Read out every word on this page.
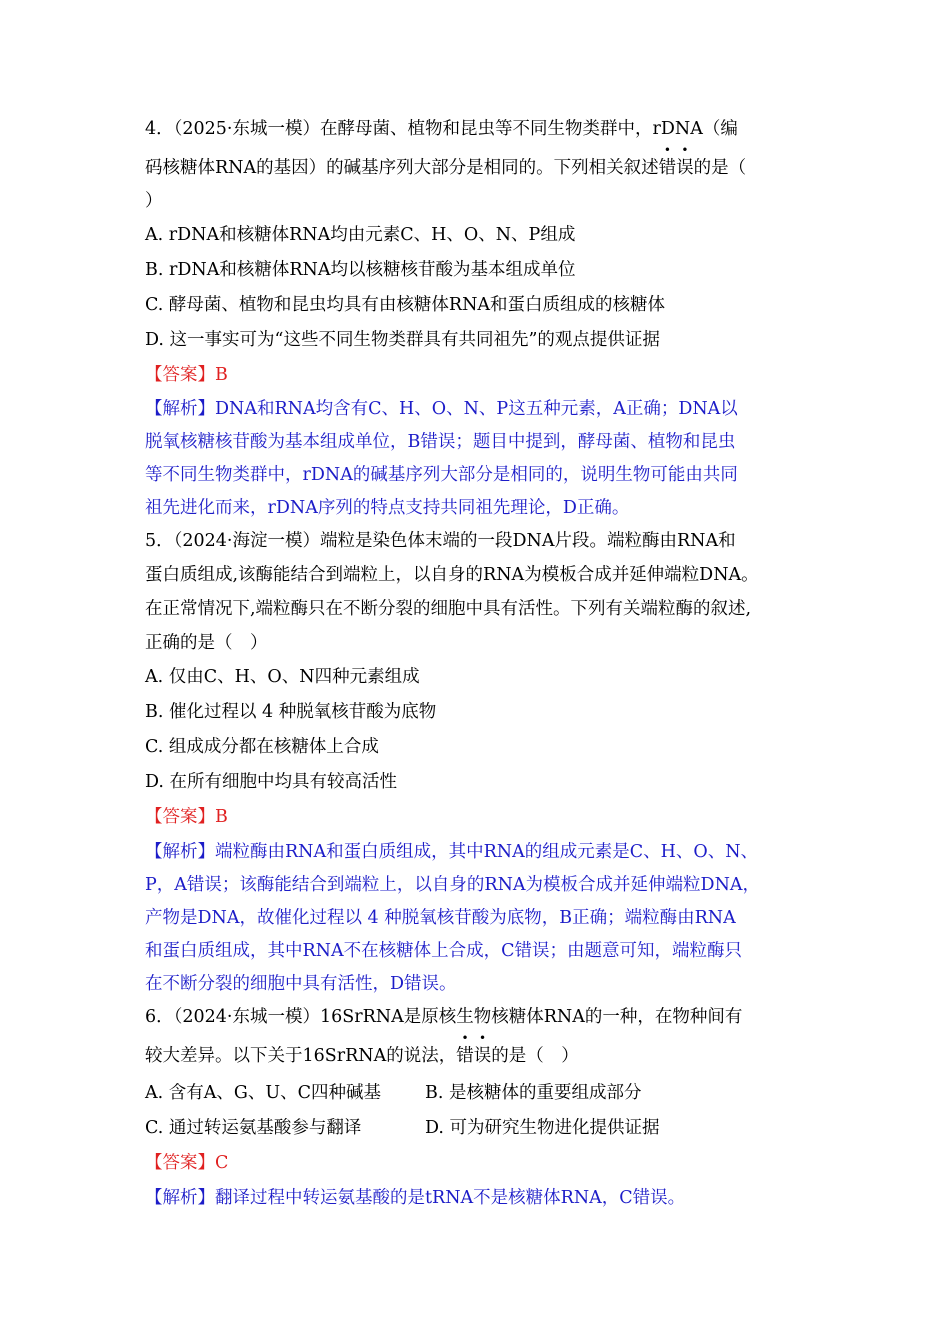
4．（2025·东城一模）在酵母菌、植物和昆虫等不同生物类群中，rDNA（编
码核糖体RNA的基因）的碱基序列大部分是相同的。下列相关叙述
•
错
•
误的是（
）
A. rDNA和核糖体RNA均由元素C、H、O、N、P组成
B. rDNA和核糖体RNA均以核糖核苷酸为基本组成单位
C. 酵母菌、植物和昆虫均具有由核糖体RNA和蛋白质组成的核糖体
D. 这一事实可为“这些不同生物类群具有共同祖先”的观点提供证据
【答案】B
【解析】DNA和RNA均含有C、H、O、N、P这五种元素，A正确；DNA以
脱氧核糖核苷酸为基本组成单位，B错误；题目中提到，酵母菌、植物和昆虫
等不同生物类群中，rDNA的碱基序列大部分是相同的，说明生物可能由共同
祖先进化而来，rDNA序列的特点支持共同祖先理论，D正确。
5．（2024·海淀一模）端粒是染色体末端的一段DNA片段。端粒酶由RNA和
蛋白质组成,该酶能结合到端粒上，以自身的RNA为模板合成并延伸端粒DNA。
在正常情况下,端粒酶只在不断分裂的细胞中具有活性。下列有关端粒酶的叙述,
正确的是（　）
A. 仅由C、H、O、N四种元素组成
B. 催化过程以 4 种脱氧核苷酸为底物
C. 组成成分都在核糖体上合成
D. 在所有细胞中均具有较高活性
【答案】B
【解析】端粒酶由RNA和蛋白质组成，其中RNA的组成元素是C、H、O、N、
P，A错误；该酶能结合到端粒上，以自身的RNA为模板合成并延伸端粒DNA，
产物是DNA，故催化过程以 4 种脱氧核苷酸为底物，B正确；端粒酶由RNA
和蛋白质组成，其中RNA不在核糖体上合成，C错误；由题意可知，端粒酶只
在不断分裂的细胞中具有活性，D错误。
6．（2024·东城一模）16SrRNA是原核生物核糖体RNA的一种，在物种间有
较大差异。以下关于16SrRNA的说法，
•
错
•
误的是（　）
A. 含有A、G、U、C四种碱基	B. 是核糖体的重要组成部分
C. 通过转运氨基酸参与翻译	D. 可为研究生物进化提供证据
【答案】C
【解析】翻译过程中转运氨基酸的是tRNA不是核糖体RNA，C错误。
